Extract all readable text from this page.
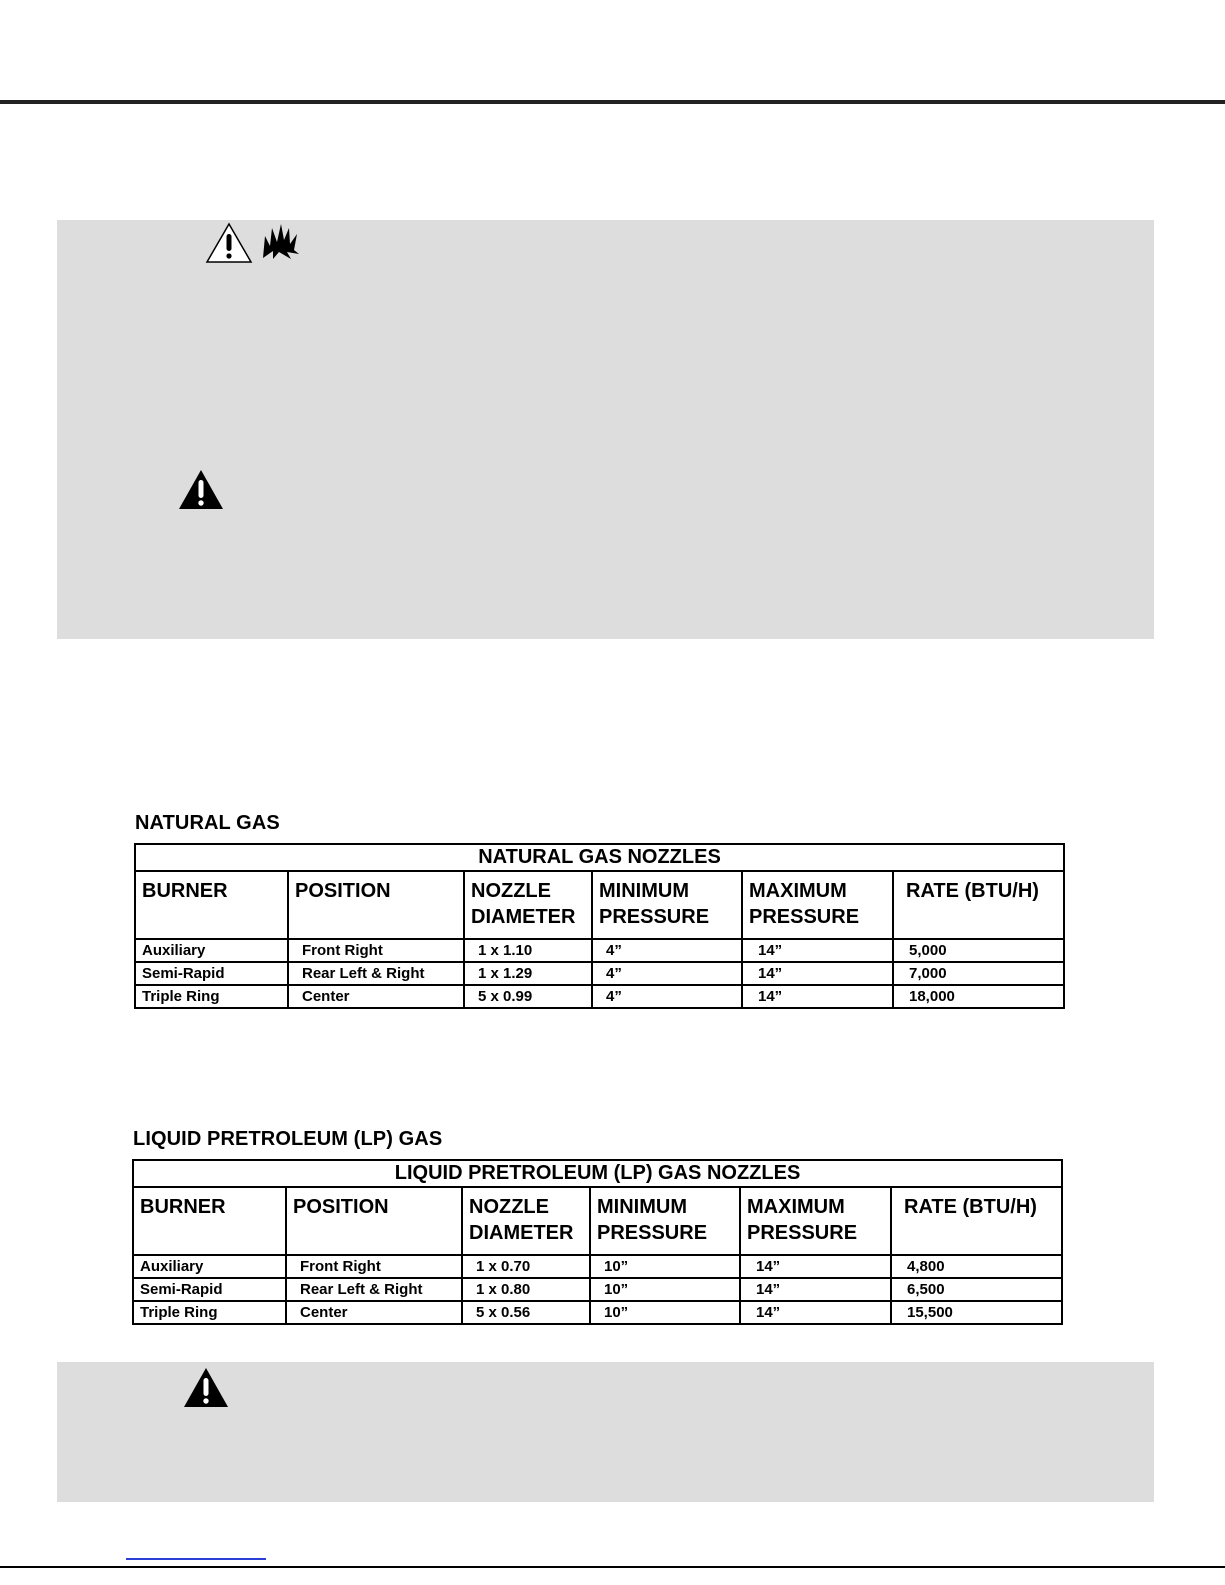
NATURAL GAS
NATURAL GAS NOZZLES					
BURNER	POSITION	NOZZLE DIAMETER	MINIMUM PRESSURE	MAXIMUM PRESSURE	RATE (BTU/H)
Auxiliary	Front Right	1 x 1.10	4”	14”	5,000
Semi-Rapid	Rear Left & Right	1 x 1.29	4”	14”	7,000
Triple Ring	Center	5 x 0.99	4”	14”	18,000
LIQUID PRETROLEUM (LP) GAS
LIQUID PRETROLEUM (LP) GAS NOZZLES					
BURNER	POSITION	NOZZLE DIAMETER	MINIMUM PRESSURE	MAXIMUM PRESSURE	RATE (BTU/H)
Auxiliary	Front Right	1 x 0.70	10”	14”	4,800
Semi-Rapid	Rear Left & Right	1 x 0.80	10”	14”	6,500
Triple Ring	Center	5 x 0.56	10”	14”	15,500
